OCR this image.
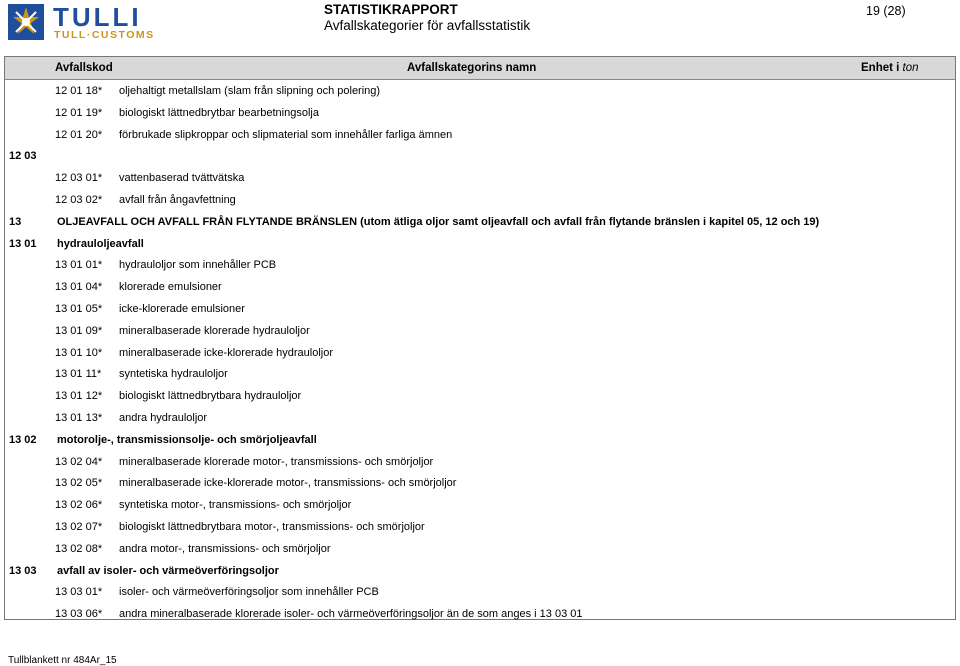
TULLI
TULL·CUSTOMS
STATISTIKRAPPORT
Avfallskategorier för avfallsstatistik
19 (28)
Avfallskod	Avfallskategorins namn	Enhet i ton
12 01 18* oljehaltigt metallslam (slam från slipning och polering)
12 01 19* biologiskt lättnedbrytbar bearbetningsolja
12 01 20* förbrukade slipkroppar och slipmaterial som innehåller farliga ämnen
12 03
12 03 01* vattenbaserad tvättvätska
12 03 02* avfall från ångavfettning
13	OLJEAVFALL OCH AVFALL FRÅN FLYTANDE BRÄNSLEN (utom ätliga oljor samt oljeavfall och avfall från flytande bränslen i kapitel 05, 12 och 19)
13 01 hydrauloljeavfall
13 01 01* hydrauloljor som innehåller PCB
13 01 04* klorerade emulsioner
13 01 05* icke-klorerade emulsioner
13 01 09* mineralbaserade klorerade hydrauloljor
13 01 10* mineralbaserade icke-klorerade hydrauloljor
13 01 11* syntetiska hydrauloljor
13 01 12* biologiskt lättnedbrytbara hydrauloljor
13 01 13* andra hydrauloljor
13 02 motorolje-, transmissionsolje- och smörjoljeavfall
13 02 04* mineralbaserade klorerade motor-, transmissions- och smörjoljor
13 02 05* mineralbaserade icke-klorerade motor-, transmissions- och smörjoljor
13 02 06* syntetiska motor-, transmissions- och smörjoljor
13 02 07* biologiskt lättnedbrytbara motor-, transmissions- och smörjoljor
13 02 08* andra motor-, transmissions- och smörjoljor
13 03 avfall av isoler- och värmeöverföringsoljor
13 03 01* isoler- och värmeöverföringsoljor som innehåller PCB
13 03 06* andra mineralbaserade klorerade isoler- och värmeöverföringsoljor än de som anges i 13 03 01
Tullblankett nr 484Ar_15
